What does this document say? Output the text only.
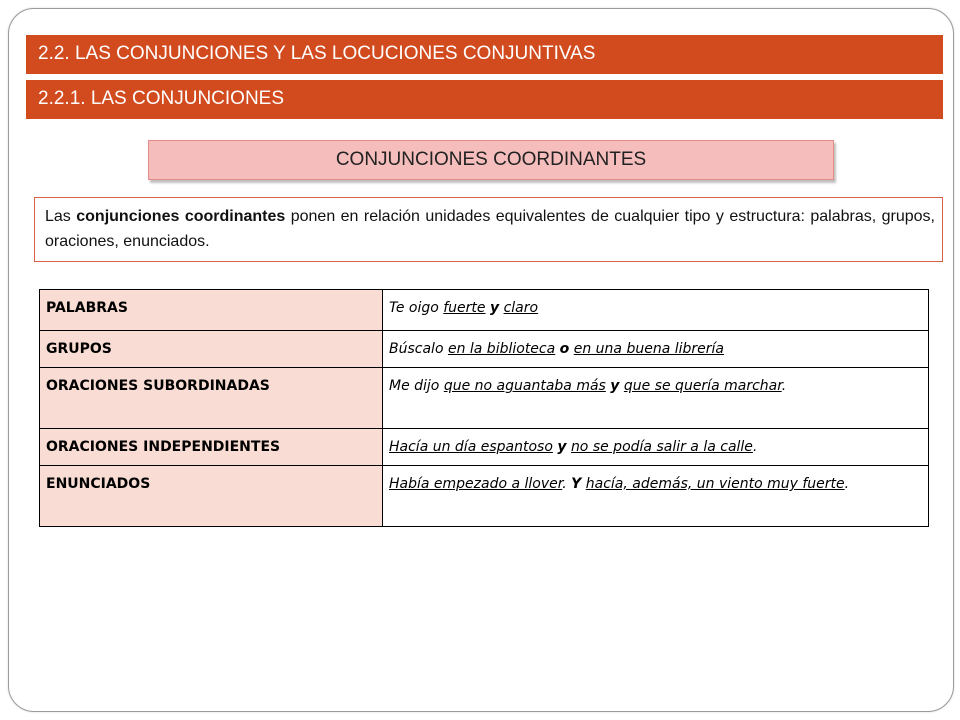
2.2. LAS CONJUNCIONES Y LAS LOCUCIONES CONJUNTIVAS
2.2.1. LAS CONJUNCIONES
CONJUNCIONES COORDINANTES
Las conjunciones coordinantes ponen en relación unidades equivalentes de cualquier tipo y estructura: palabras, grupos, oraciones, enunciados.
PALABRAS	Te oigo fuerte y claro
GRUPOS	Búscalo en la biblioteca o en una buena librería
ORACIONES SUBORDINADAS	Me dijo que no aguantaba más y que se quería marchar.
ORACIONES INDEPENDIENTES	Hacía un día espantoso y no se podía salir a la calle.
ENUNCIADOS	Había empezado a llover. Y hacía, además, un viento muy fuerte.
